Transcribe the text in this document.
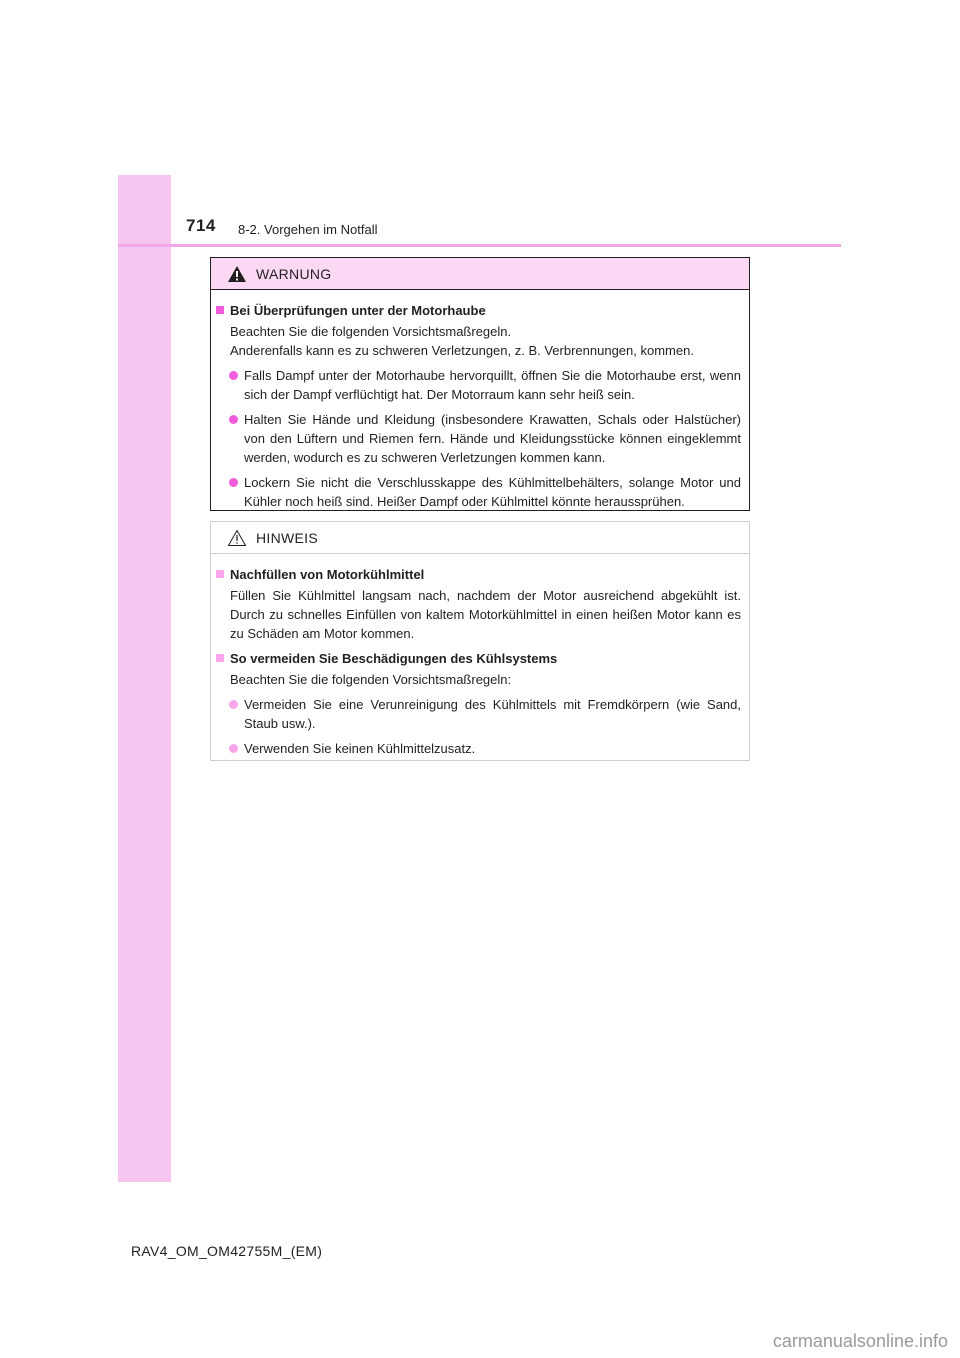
714 8-2. Vorgehen im Notfall
WARNUNG
Bei Überprüfungen unter der Motorhaube
Beachten Sie die folgenden Vorsichtsmaßregeln.
Anderenfalls kann es zu schweren Verletzungen, z. B. Verbrennungen, kommen.
Falls Dampf unter der Motorhaube hervorquillt, öffnen Sie die Motorhaube erst, wenn sich der Dampf verflüchtigt hat. Der Motorraum kann sehr heiß sein.
Halten Sie Hände und Kleidung (insbesondere Krawatten, Schals oder Halstücher) von den Lüftern und Riemen fern. Hände und Kleidungsstücke können eingeklemmt werden, wodurch es zu schweren Verletzungen kommen kann.
Lockern Sie nicht die Verschlusskappe des Kühlmittelbehälters, solange Motor und Kühler noch heiß sind. Heißer Dampf oder Kühlmittel könnte heraussprühen.
HINWEIS
Nachfüllen von Motorkühlmittel
Füllen Sie Kühlmittel langsam nach, nachdem der Motor ausreichend abgekühlt ist. Durch zu schnelles Einfüllen von kaltem Motorkühlmittel in einen heißen Motor kann es zu Schäden am Motor kommen.
So vermeiden Sie Beschädigungen des Kühlsystems
Beachten Sie die folgenden Vorsichtsmaßregeln:
Vermeiden Sie eine Verunreinigung des Kühlmittels mit Fremdkörpern (wie Sand, Staub usw.).
Verwenden Sie keinen Kühlmittelzusatz.
RAV4_OM_OM42755M_(EM)
carmanualsonline.info
